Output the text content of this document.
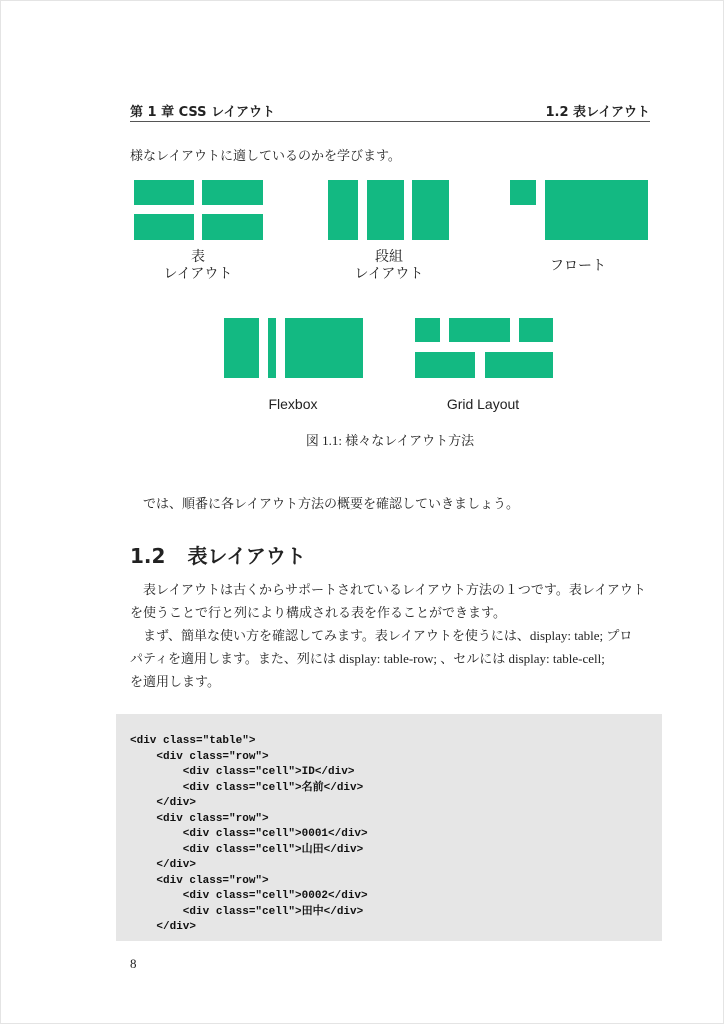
第 1 章 CSS レイアウト	1.2 表レイアウト
様なレイアウトに適しているのかを学びます。
表
レイアウト
段組
レイアウト	フロート
Flexbox	Grid Layout
図 1.1: 様々なレイアウト方法
では、順番に各レイアウト方法の概要を確認していきましょう。
1.2 表レイアウト
　表レイアウトは古くからサポートされているレイアウト方法の１つです。表レイアウト
を使うことで行と列により構成される表を作ることができます。
　まず、簡単な使い方を確認してみます。表レイアウトを使うには、display: table; プロ
パティを適用します。また、列には display: table-row; 、セルには display: table-cell;
を適用します。
<div class="table">
<div class="row">
<div class="cell">ID</div>
<div class="cell">名前</div>
</div>
<div class="row">
<div class="cell">0001</div>
<div class="cell">山田</div>
</div>
<div class="row">
<div class="cell">0002</div>
<div class="cell">田中</div>
</div>
8
